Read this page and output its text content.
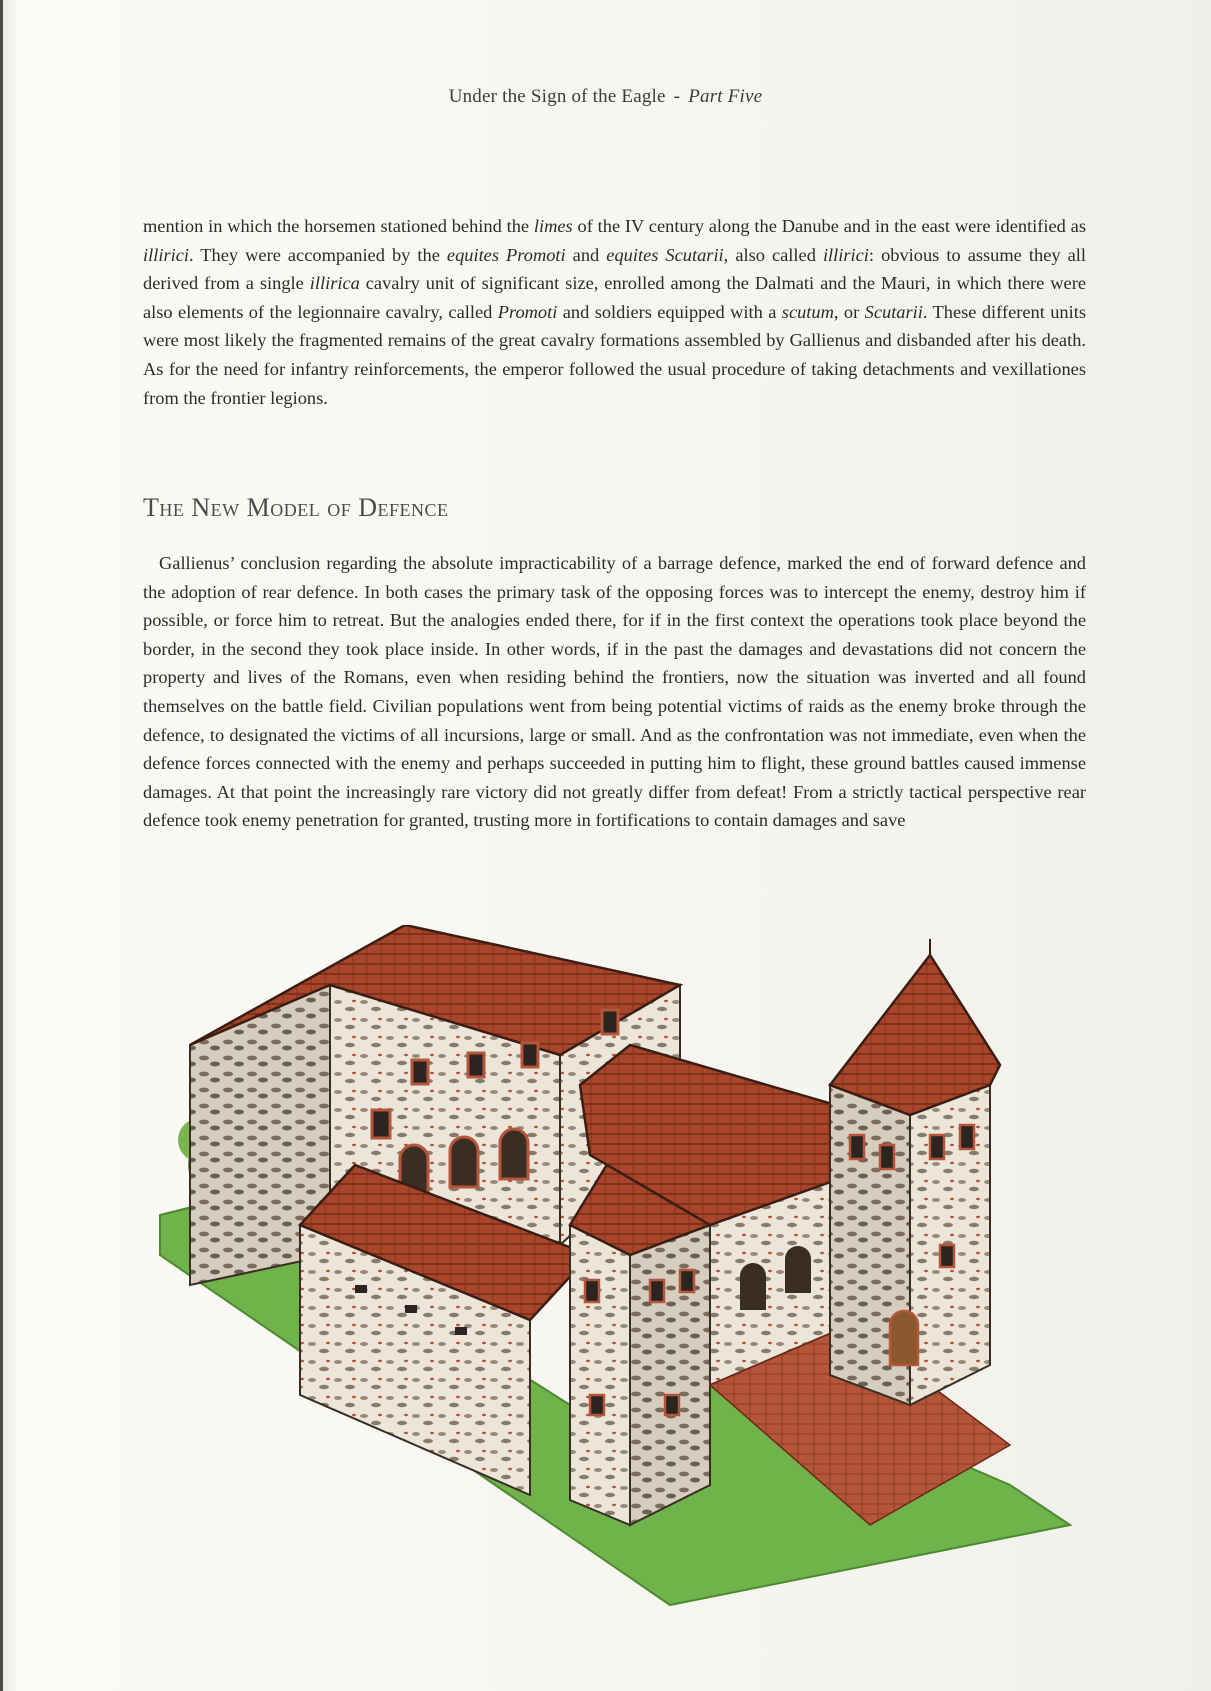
Under the Sign of the Eagle - Part Five
mention in which the horsemen stationed behind the limes of the IV century along the Danube and in the east were identified as illirici. They were accompanied by the equites Promoti and equites Scutarii, also called illirici: obvious to assume they all derived from a single illirica cavalry unit of significant size, enrolled among the Dalmati and the Mauri, in which there were also elements of the legionnaire cavalry, called Promoti and soldiers equipped with a scutum, or Scutarii. These different units were most likely the fragmented remains of the great cavalry formations assembled by Gallienus and disbanded after his death. As for the need for infantry reinforcements, the emperor followed the usual procedure of taking detachments and vexillationes from the frontier legions.
The New Model of Defence
Gallienus’ conclusion regarding the absolute impracticability of a barrage defence, marked the end of forward defence and the adoption of rear defence. In both cases the primary task of the opposing forces was to intercept the enemy, destroy him if possible, or force him to retreat. But the analogies ended there, for if in the first context the operations took place beyond the border, in the second they took place inside. In other words, if in the past the damages and devastations did not concern the property and lives of the Romans, even when residing behind the frontiers, now the situation was inverted and all found themselves on the battle field. Civilian populations went from being potential victims of raids as the enemy broke through the defence, to designated the victims of all incursions, large or small. And as the confrontation was not immediate, even when the defence forces connected with the enemy and perhaps succeeded in putting him to flight, these ground battles caused immense damages. At that point the increasingly rare victory did not greatly differ from defeat! From a strictly tactical perspective rear defence took enemy penetration for granted, trusting more in fortifications to contain damages and save
